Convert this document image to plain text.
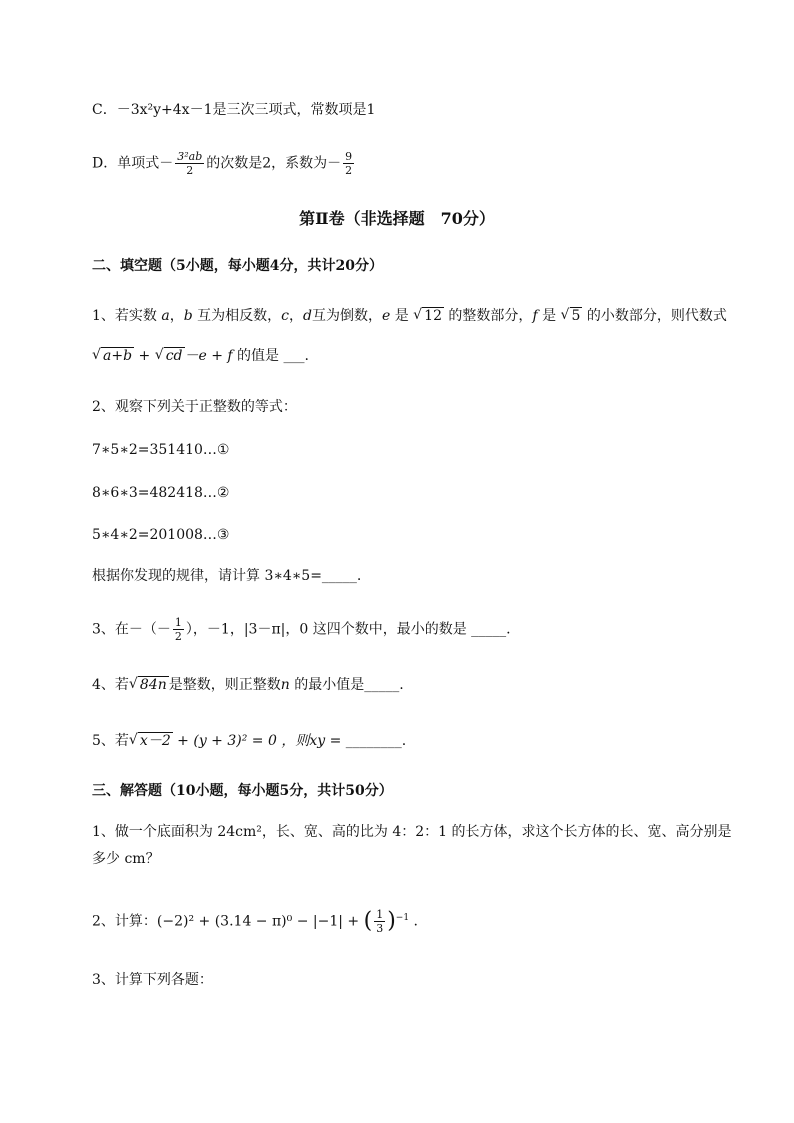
C．－3x²y+4x－1是三次三项式，常数项是1
D．单项式－ $\frac{\text{3²ab}}{2}$ 的次数是2，系数为－ $\frac{9}{2}$
第Ⅱ卷（非选择题　70分）
二、填空题（5小题，每小题4分，共计20分）
1、若实数 a，b 互为相反数，c，d互为倒数，e 是 √ 12 的整数部分，f 是 √ 5 的小数部分，则代数式
√ a+b + √ cd －e + f 的值是 ___.
2、观察下列关于正整数的等式：
7∗5∗2=351410…①
8∗6∗3=482418…②
5∗4∗2=201008…③
根据你发现的规律，请计算 3∗4∗5=_____.
3、在－（－ $\frac{1}{2}$ ），－1，|3－π|，0 这四个数中，最小的数是 _____.
4、若 √ 84n 是整数，则正整数n 的最小值是_____.
5、若 √ x－2 + (y + 3)² = 0 ，则xy = ________.
三、解答题（10小题，每小题5分，共计50分）
1、做一个底面积为 24cm²，长、宽、高的比为 4：2：1 的长方体，求这个长方体的长、宽、高分别是
多少 cm？
2、计算：(−2)² + (3.14 − π)⁰ − |−1| + ( $\frac{1}{3} )^{-1}$ .
3、计算下列各题：
